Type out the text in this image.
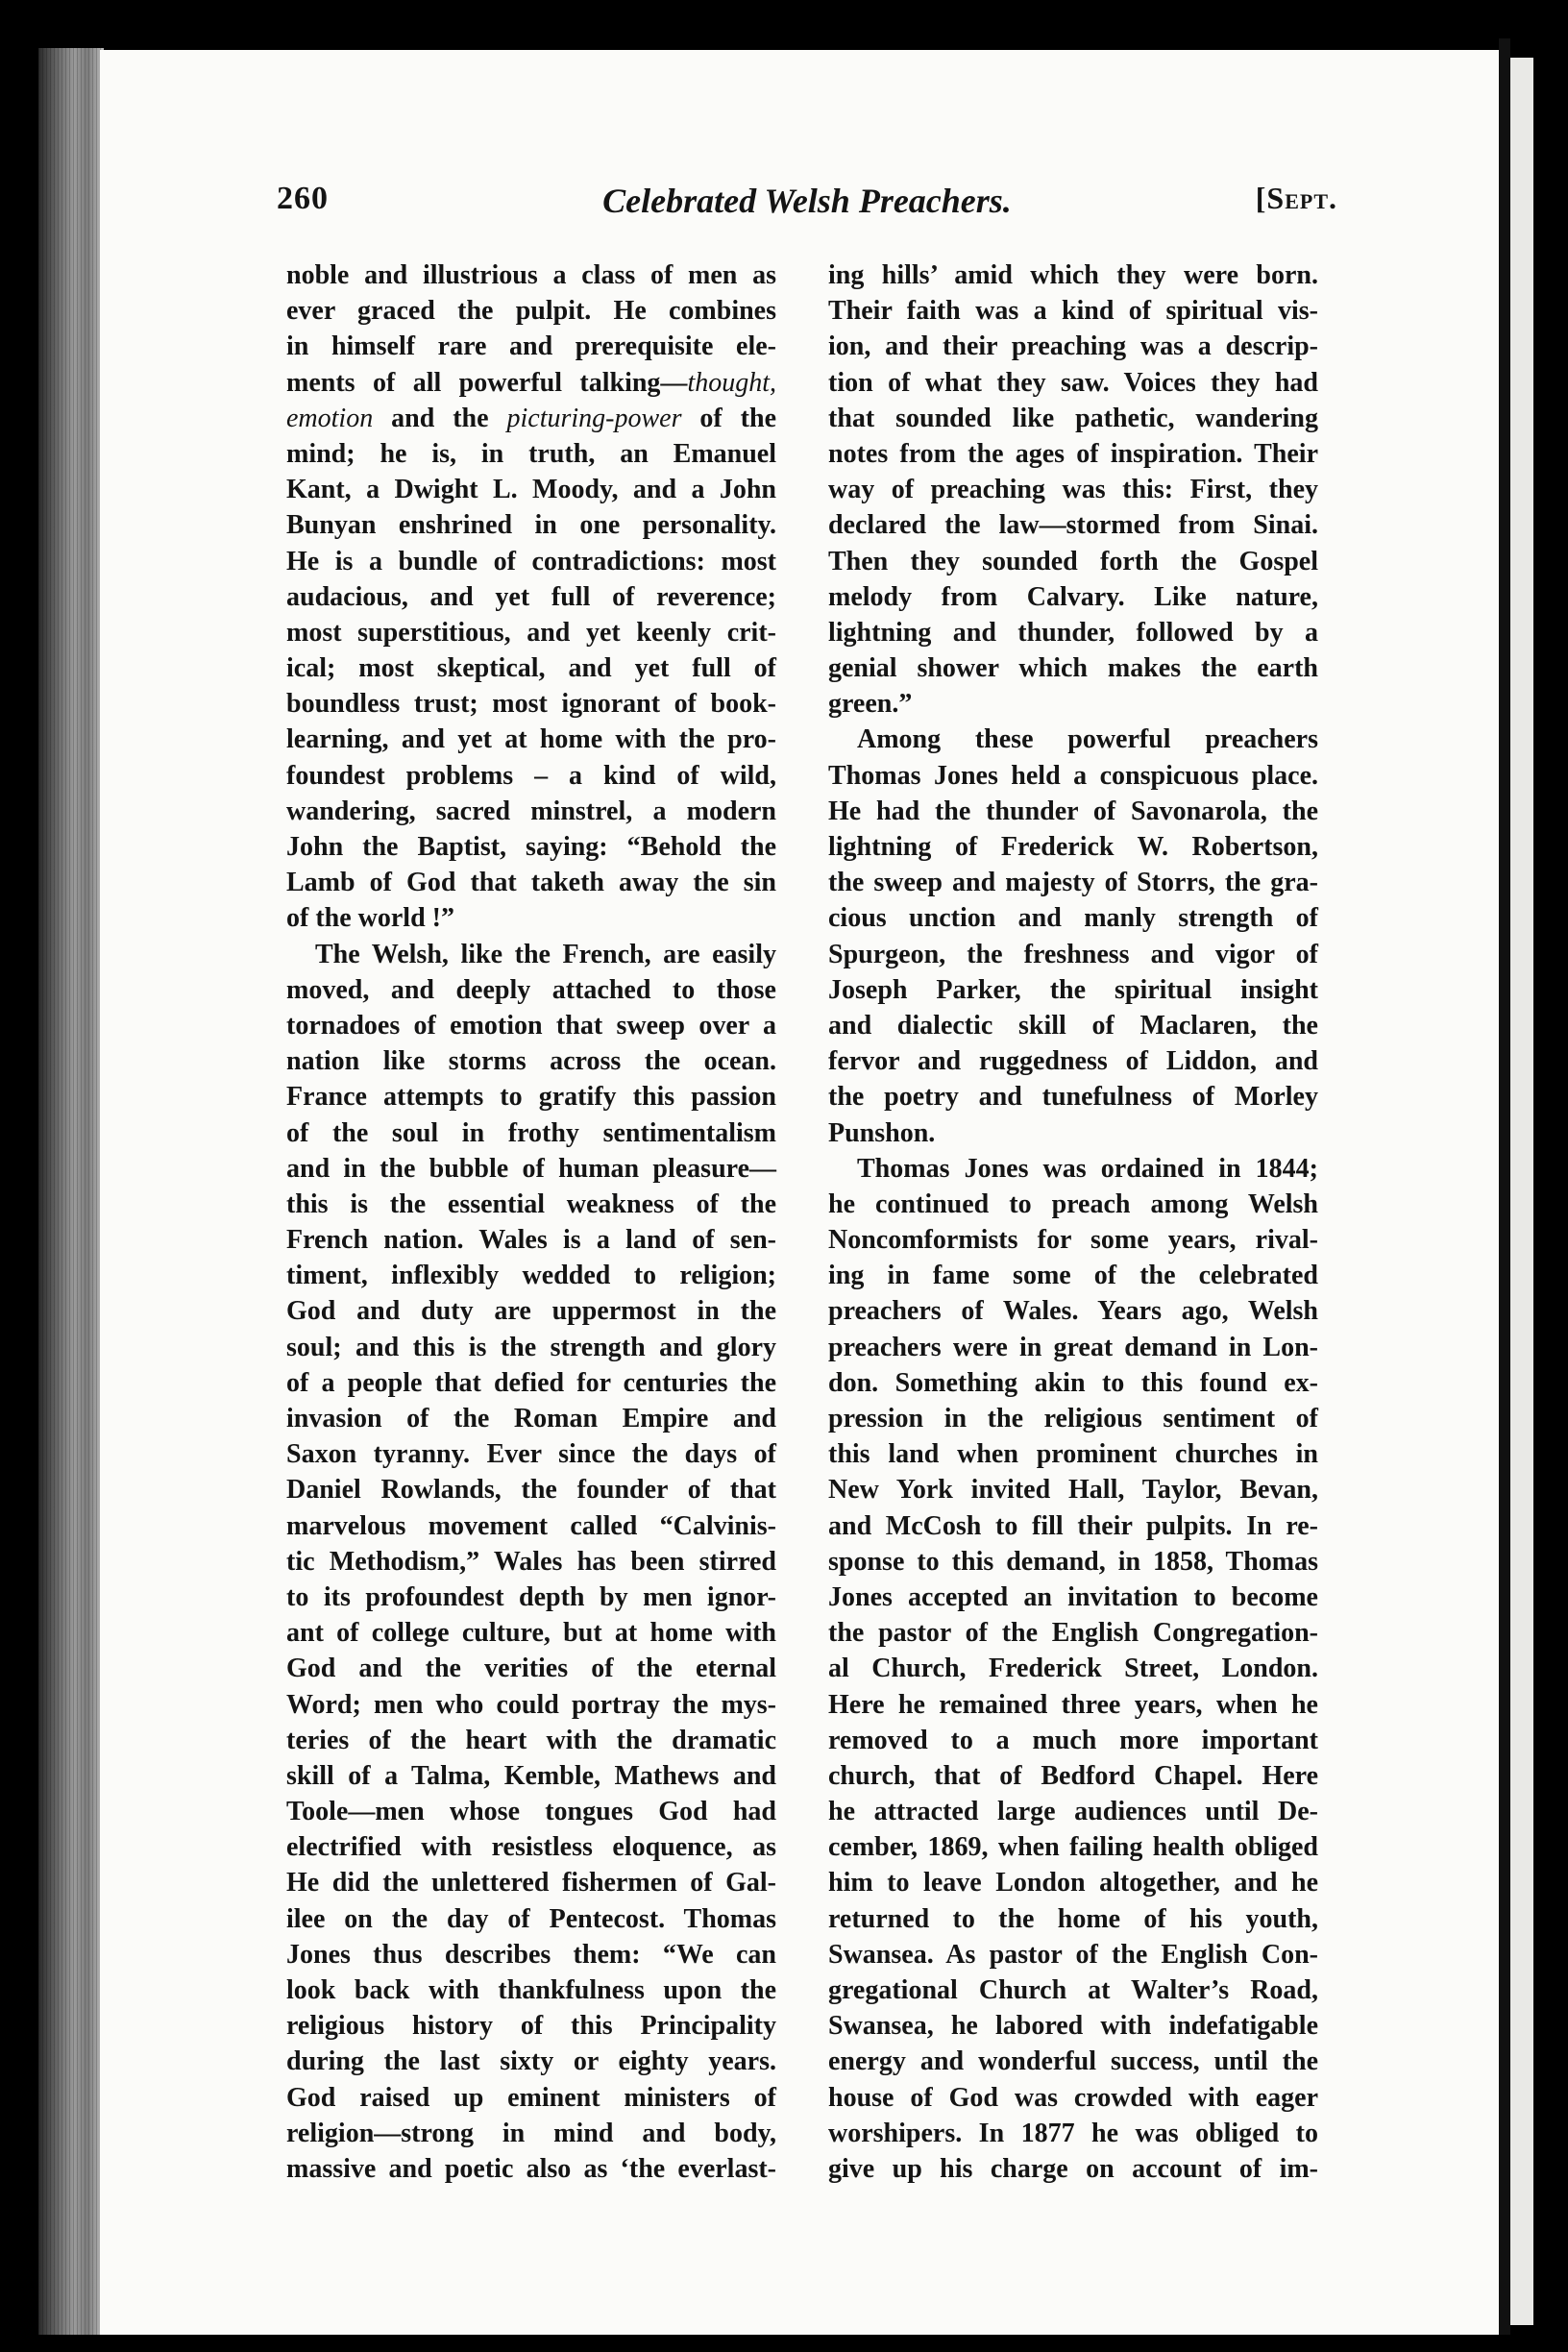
260	Celebrated Welsh Preachers.	[Sept.
noble and illustrious a class of men as
ever graced the pulpit. He combines
in himself rare and prerequisite ele-
ments of all powerful talking—thought,
emotion and the picturing-power of the
mind; he is, in truth, an Emanuel
Kant, a Dwight L. Moody, and a John
Bunyan enshrined in one personality.
He is a bundle of contradictions: most
audacious, and yet full of reverence;
most superstitious, and yet keenly crit-
ical; most skeptical, and yet full of
boundless trust; most ignorant of book-
learning, and yet at home with the pro-
foundest problems – a kind of wild,
wandering, sacred minstrel, a modern
John the Baptist, saying: “Behold the
Lamb of God that taketh away the sin
of the world !”
The Welsh, like the French, are easily
moved, and deeply attached to those
tornadoes of emotion that sweep over a
nation like storms across the ocean.
France attempts to gratify this passion
of the soul in frothy sentimentalism
and in the bubble of human pleasure—
this is the essential weakness of the
French nation. Wales is a land of sen-
timent, inflexibly wedded to religion;
God and duty are uppermost in the
soul; and this is the strength and glory
of a people that defied for centuries the
invasion of the Roman Empire and
Saxon tyranny. Ever since the days of
Daniel Rowlands, the founder of that
marvelous movement called “Calvinis-
tic Methodism,” Wales has been stirred
to its profoundest depth by men ignor-
ant of college culture, but at home with
God and the verities of the eternal
Word; men who could portray the mys-
teries of the heart with the dramatic
skill of a Talma, Kemble, Mathews and
Toole—men whose tongues God had
electrified with resistless eloquence, as
He did the unlettered fishermen of Gal-
ilee on the day of Pentecost. Thomas
Jones thus describes them: “We can
look back with thankfulness upon the
religious history of this Principality
during the last sixty or eighty years.
God raised up eminent ministers of
religion—strong in mind and body,
massive and poetic also as ‘the everlast-
ing hills’ amid which they were born.
Their faith was a kind of spiritual vis-
ion, and their preaching was a descrip-
tion of what they saw. Voices they had
that sounded like pathetic, wandering
notes from the ages of inspiration. Their
way of preaching was this: First, they
declared the law—stormed from Sinai.
Then they sounded forth the Gospel
melody from Calvary. Like nature,
lightning and thunder, followed by a
genial shower which makes the earth
green.”
Among these powerful preachers
Thomas Jones held a conspicuous place.
He had the thunder of Savonarola, the
lightning of Frederick W. Robertson,
the sweep and majesty of Storrs, the gra-
cious unction and manly strength of
Spurgeon, the freshness and vigor of
Joseph Parker, the spiritual insight
and dialectic skill of Maclaren, the
fervor and ruggedness of Liddon, and
the poetry and tunefulness of Morley
Punshon.
Thomas Jones was ordained in 1844;
he continued to preach among Welsh
Noncomformists for some years, rival-
ing in fame some of the celebrated
preachers of Wales. Years ago, Welsh
preachers were in great demand in Lon-
don. Something akin to this found ex-
pression in the religious sentiment of
this land when prominent churches in
New York invited Hall, Taylor, Bevan,
and McCosh to fill their pulpits. In re-
sponse to this demand, in 1858, Thomas
Jones accepted an invitation to become
the pastor of the English Congregation-
al Church, Frederick Street, London.
Here he remained three years, when he
removed to a much more important
church, that of Bedford Chapel. Here
he attracted large audiences until De-
cember, 1869, when failing health obliged
him to leave London altogether, and he
returned to the home of his youth,
Swansea. As pastor of the English Con-
gregational Church at Walter’s Road,
Swansea, he labored with indefatigable
energy and wonderful success, until the
house of God was crowded with eager
worshipers. In 1877 he was obliged to
give up his charge on account of im-
